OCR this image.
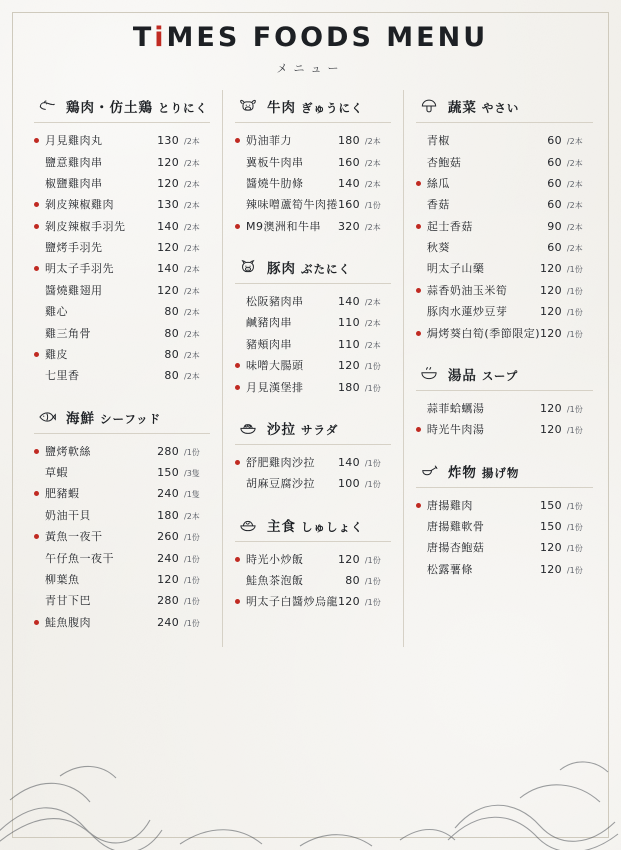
TiMES FOODS MENU
メニュー
鶏肉・仿土鶏 とりにく
月見雞肉丸	130 /2本
鹽意雞肉串	120 /2本
椒鹽雞肉串	120 /2本
剝皮辣椒雞肉	130 /2本
剝皮辣椒手羽先	140 /2本
鹽烤手羽先	120 /2本
明太子手羽先	140 /2本
醬燒雞翅用	120 /2本
雞心	80 /2本
雞三角骨	80 /2本
雞皮	80 /2本
七里香	80 /2本
海鮮 シーフッド
鹽烤軟絲	280 /1份
草蝦	150 /3隻
肥豬蝦	240 /1隻
奶油干貝	180 /2本
黃魚一夜干	260 /1份
午仔魚一夜干	240 /1份
柳葉魚	120 /1份
青甘下巴	280 /1份
鮭魚腹肉	240 /1份
牛肉 ぎゅうにく
奶油菲力	180 /2本
冀板牛肉串	160 /2本
醬燒牛肋條	140 /2本
辣味噌蘆筍牛肉捲 160 /1份
M9澳洲和牛串	320 /2本
豚肉 ぶたにく
松阪豬肉串	140 /2本
鹹豬肉串	110 /2本
豬頰肉串	110 /2本
味噌大腸頭	120 /1份
月見漢堡排	180 /1份
沙拉 サラダ
舒肥雞肉沙拉	140 /1份
胡麻豆腐沙拉	100 /1份
主食 しゅしょく
時光小炒飯	120 /1份
鮭魚茶泡飯	80 /1份
明太子白醬炒烏龍 120 /1份
蔬菜 やさい
青椒	60 /2本
杏鮑菇	60 /2本
絲瓜	60 /2本
香菇	60 /2本
起士香菇	90 /2本
秋葵	60 /2本
明太子山藥	120 /1份
蒜香奶油玉米筍	120 /1份
豚肉水蓮炒豆芽	120 /1份
焗烤葵白筍(季節限定) 120 /1份
湯品 スープ
蒜菲蛤蠣湯	120 /1份
時光牛肉湯	120 /1份
炸物 揚げ物
唐揚雞肉	150 /1份
唐揚雞軟骨	150 /1份
唐揚杏鮑菇	120 /1份
松露薯條	120 /1份
